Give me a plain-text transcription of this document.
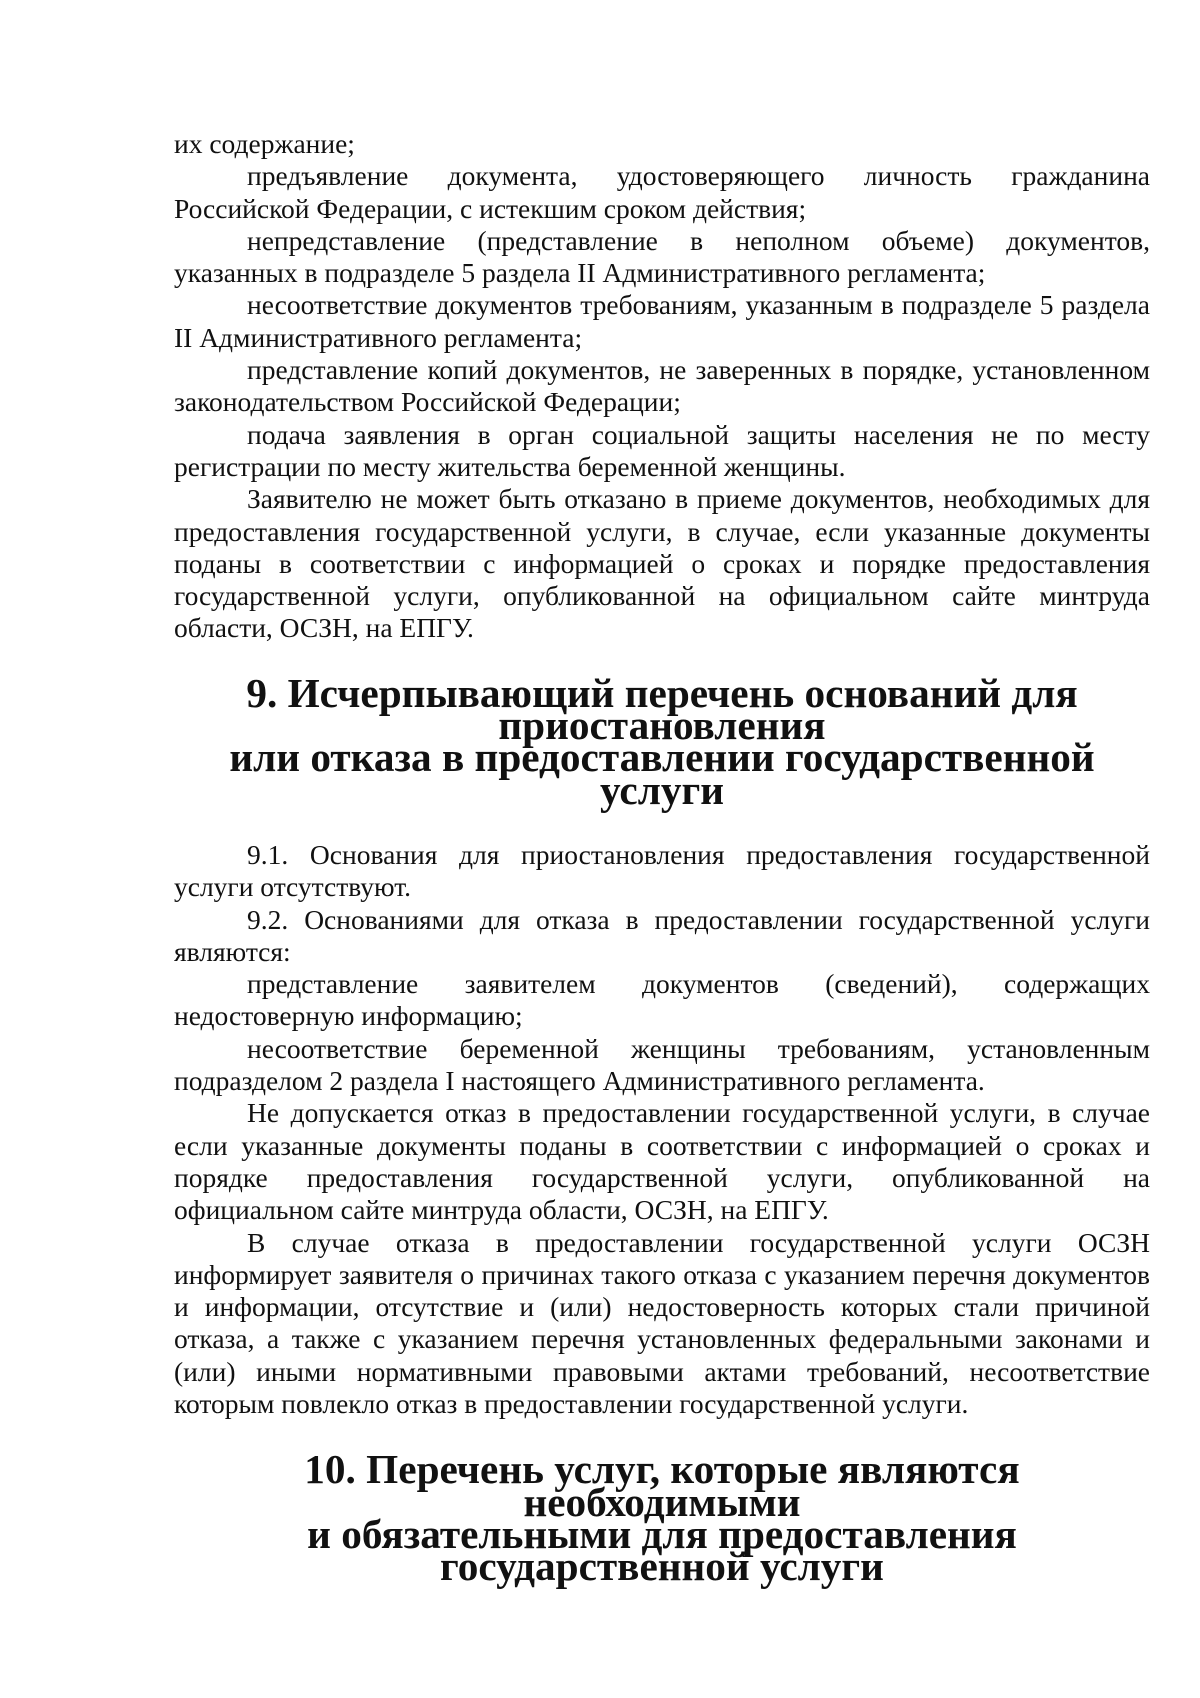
их содержание;

предъявление документа, удостоверяющего личность гражданина Российской Федерации, с истекшим сроком действия;

непредставление (представление в неполном объеме) документов, указанных в подразделе 5 раздела II Административного регламента;

несоответствие документов требованиям, указанным в подразделе 5 раздела II Административного регламента;

представление копий документов, не заверенных в порядке, установленном законодательством Российской Федерации;

подача заявления в орган социальной защиты населения не по месту регистрации по месту жительства беременной женщины.

Заявителю не может быть отказано в приеме документов, необходимых для предоставления государственной услуги, в случае, если указанные документы поданы в соответствии с информацией о сроках и порядке предоставления государственной услуги, опубликованной на официальном сайте минтруда области, ОСЗН, на ЕПГУ.

9. Исчерпывающий перечень оснований для приостановления
или отказа в предоставлении государственной услуги

9.1. Основания для приостановления предоставления государственной услуги отсутствуют.

9.2. Основаниями для отказа в предоставлении государственной услуги являются:

представление заявителем документов (сведений), содержащих недостоверную информацию;

несоответствие беременной женщины требованиям, установленным подразделом 2 раздела I настоящего Административного регламента.

Не допускается отказ в предоставлении государственной услуги, в случае если указанные документы поданы в соответствии с информацией о сроках и порядке предоставления государственной услуги, опубликованной на официальном сайте минтруда области, ОСЗН, на ЕПГУ.

В случае отказа в предоставлении государственной услуги ОСЗН информирует заявителя о причинах такого отказа с указанием перечня документов и информации, отсутствие и (или) недостоверность которых стали причиной отказа, а также с указанием перечня установленных федеральными законами и (или) иными нормативными правовыми актами требований, несоответствие которым повлекло отказ в предоставлении государственной услуги.

10. Перечень услуг, которые являются необходимыми
и обязательными для предоставления государственной услуги
